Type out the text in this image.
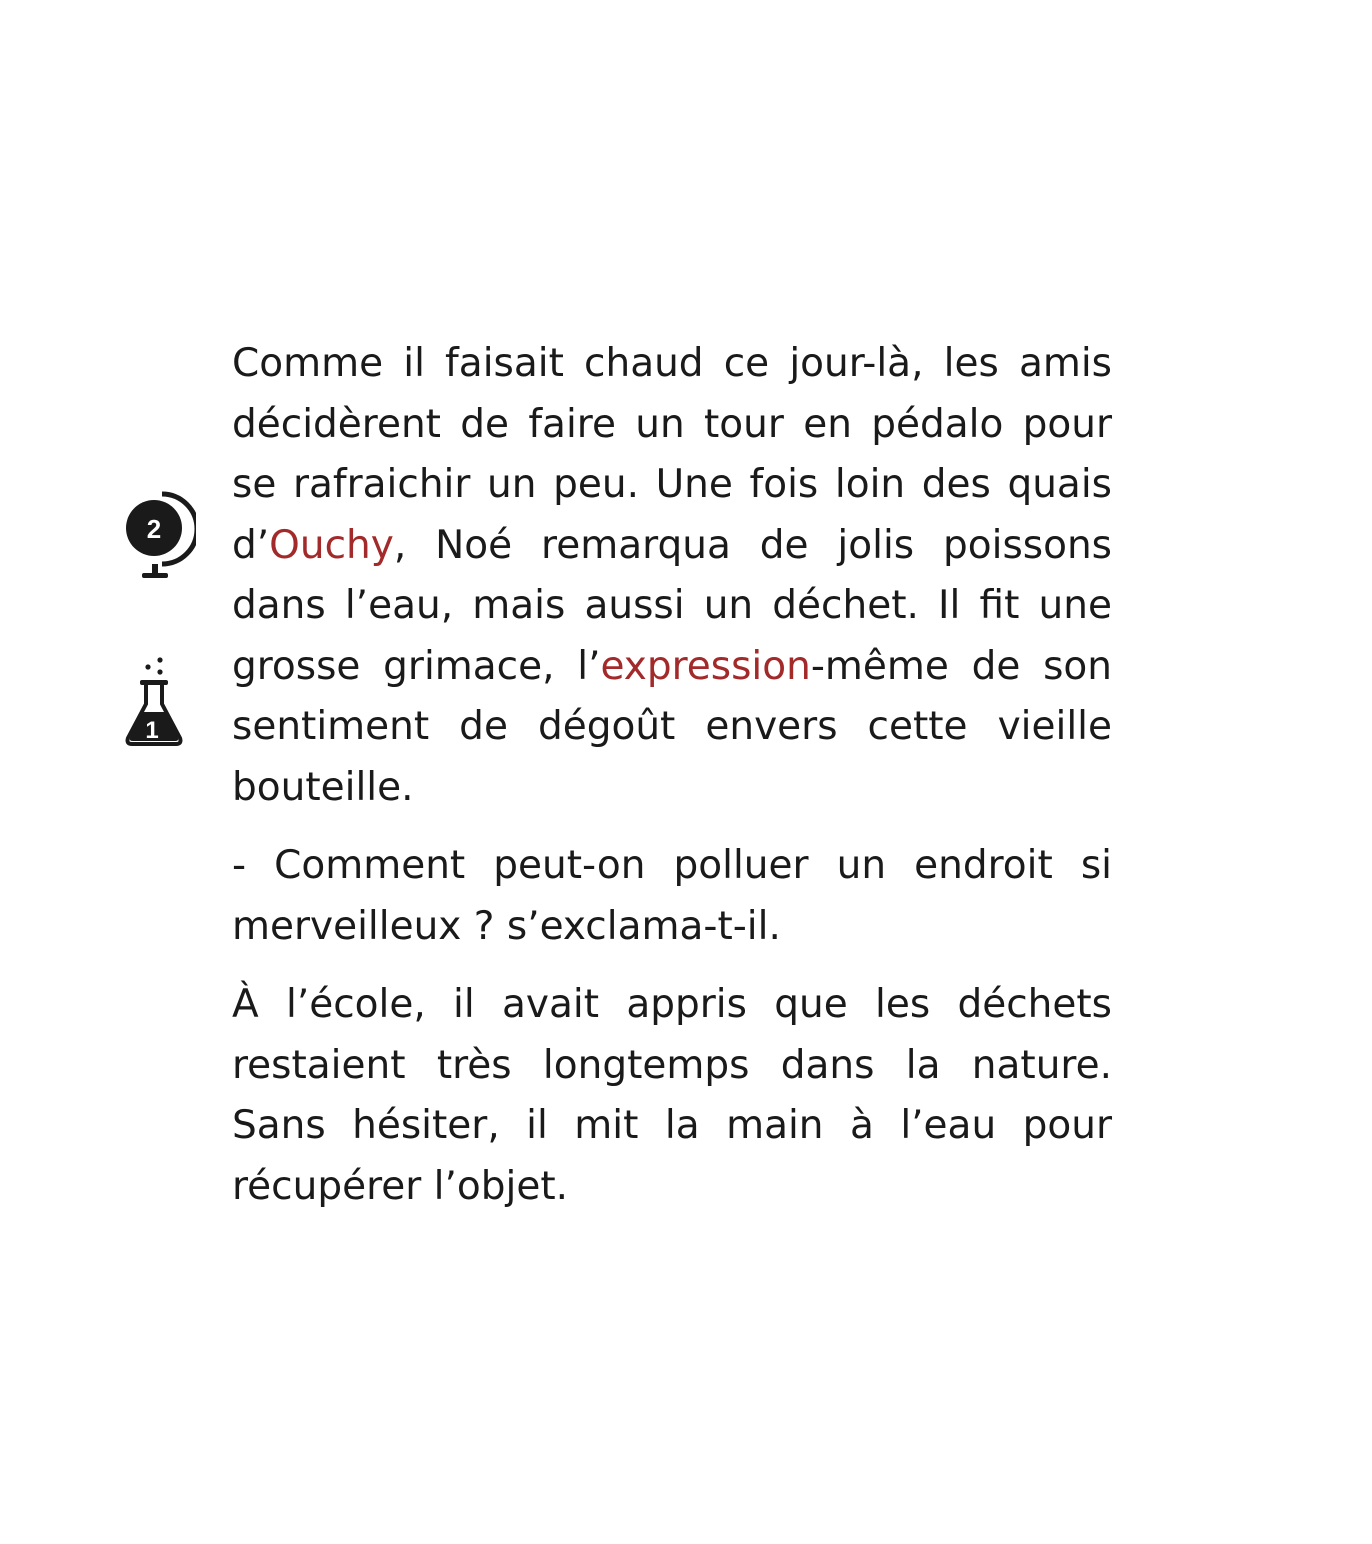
2
1

Comme il faisait chaud ce jour-là, les amis décidèrent de faire un tour en pédalo pour se rafraichir un peu. Une fois loin des quais d’Ouchy, Noé remarqua de jolis poissons dans l’eau, mais aussi un déchet. Il fit une grosse grimace, l’expression-même de son sentiment de dégoût envers cette vieille bouteille.

- Comment peut-on polluer un endroit si merveilleux ? s’exclama-t-il.

À l’école, il avait appris que les déchets restaient très longtemps dans la nature. Sans hésiter, il mit la main à l’eau pour récupérer l’objet.
